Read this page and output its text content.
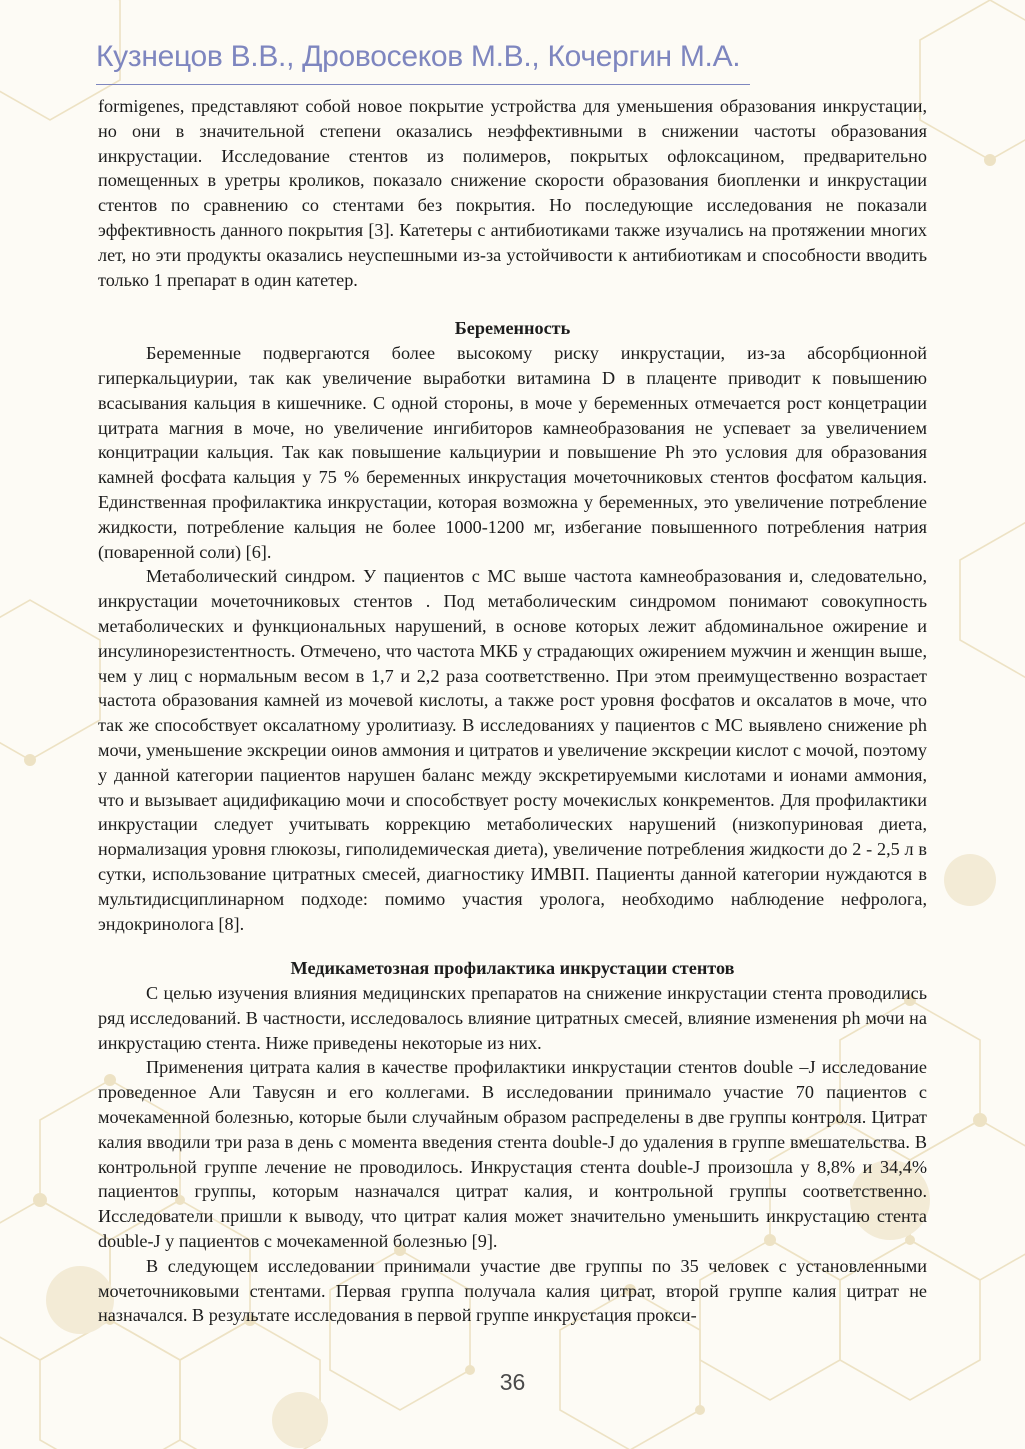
Кузнецов В.В., Дровосеков М.В., Кочергин М.А.

formigenes, представляют собой новое покрытие устройства для уменьшения образования инкрустации, но они в значительной степени оказались неэффективными в снижении частоты образования инкрустации. Исследование стентов из полимеров, покрытых офлоксацином, предварительно помещенных в уретры кроликов, показало снижение скорости образования биопленки и инкрустации стентов по сравнению со стентами без покрытия. Но последующие исследования не показали эффективность данного покрытия [3]. Катетеры с антибиотиками также изучались на протяжении многих лет, но эти продукты оказались неуспешными из-за устойчивости к антибиотикам и способности вводить только 1 препарат в один катетер.

Беременность

Беременные подвергаются более высокому риску инкрустации, из-за абсорбционной гиперкальциурии, так как увеличение выработки витамина D в плаценте приводит к повышению всасывания кальция в кишечнике. С одной стороны, в моче у беременных отмечается рост концетрации цитрата магния в моче, но увеличение ингибиторов камнеобразования не успевает за увеличением концитрации кальция. Так как повышение кальциурии и повышение Ph это условия для образования камней фосфата кальция у 75 % беременных инкрустация мочеточниковых стентов фосфатом кальция. Единственная профилактика инкрустации, которая возможна у беременных, это увеличение потребление жидкости, потребление кальция не более 1000-1200 мг, избегание повышенного потребления натрия (поваренной соли) [6].

Метаболический синдром. У пациентов с МС выше частота камнеобразования и, следовательно, инкрустации мочеточниковых стентов . Под метаболическим синдромом понимают совокупность метаболических и функциональных нарушений, в основе которых лежит абдоминальное ожирение и инсулинорезистентность. Отмечено, что частота МКБ у страдающих ожирением мужчин и женщин выше, чем у лиц с нормальным весом в 1,7 и 2,2 раза соответственно. При этом преимущественно возрастает частота образования камней из мочевой кислоты, а также рост уровня фосфатов и оксалатов в моче, что так же способствует оксалатному уролитиазу. В исследованиях у пациентов с МС выявлено снижение ph мочи, уменьшение экскреции оинов аммония и цитратов и увеличение экскреции кислот с мочой, поэтому у данной категории пациентов нарушен баланс между экскретируемыми кислотами и ионами аммония, что и вызывает ацидификацию мочи и способствует росту мочекислых конкрементов. Для профилактики инкрустации следует учитывать коррекцию метаболических нарушений (низкопуриновая диета, нормализация уровня глюкозы, гиполидемическая диета), увеличение потребления жидкости до 2 - 2,5 л в сутки, использование цитратных смесей, диагностику ИМВП. Пациенты данной категории нуждаются в мультидисциплинарном подходе: помимо участия уролога, необходимо наблюдение нефролога, эндокринолога [8].

Медикаметозная профилактика инкрустации стентов

С целью изучения влияния медицинских препаратов на снижение инкрустации стента проводились ряд исследований. В частности, исследовалось влияние цитратных смесей, влияние изменения ph мочи на инкрустацию стента. Ниже приведены некоторые из них.

Применения цитрата калия в качестве профилактики инкрустации стентов double –J исследование проведенное Али Тавусян и его коллегами. В исследовании принимало участие 70 пациентов с мочекаменной болезнью, которые были случайным образом распределены в две группы контроля. Цитрат калия вводили три раза в день с момента введения стента double-J до удаления в группе вмешательства. В контрольной группе лечение не проводилось. Инкрустация стента double-J произошла у 8,8% и 34,4% пациентов группы, которым назначался цитрат калия, и контрольной группы соответственно. Исследователи пришли к выводу, что цитрат калия может значительно уменьшить инкрустацию стента double-J у пациентов с мочекаменной болезнью [9].

В следующем исследовании принимали участие две группы по 35 человек с установленными мочеточниковыми стентами. Первая группа получала калия цитрат, второй группе калия цитрат не назначался. В результате исследования в первой группе инкрустация прокси-

36
